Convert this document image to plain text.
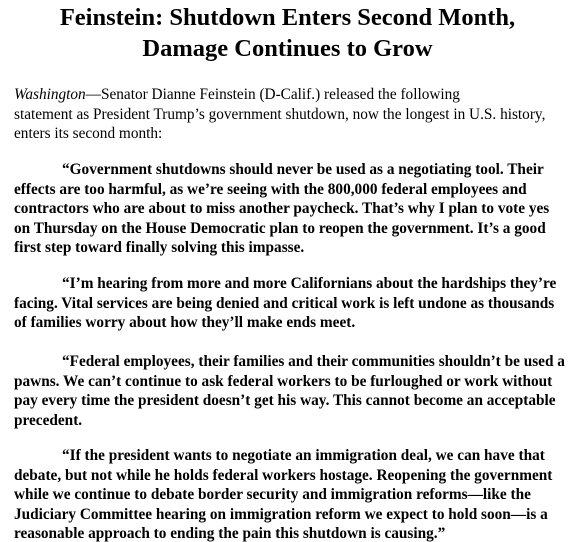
Feinstein: Shutdown Enters Second Month,
Damage Continues to Grow

Washington—Senator Dianne Feinstein (D-Calif.) released the following
statement as President Trump’s government shutdown, now the longest in U.S. history,
enters its second month:

“Government shutdowns should never be used as a negotiating tool. Their
effects are too harmful, as we’re seeing with the 800,000 federal employees and
contractors who are about to miss another paycheck. That’s why I plan to vote yes
on Thursday on the House Democratic plan to reopen the government. It’s a good
first step toward finally solving this impasse.

“I’m hearing from more and more Californians about the hardships they’re
facing. Vital services are being denied and critical work is left undone as thousands
of families worry about how they’ll make ends meet.

“Federal employees, their families and their communities shouldn’t be used a
pawns. We can’t continue to ask federal workers to be furloughed or work without
pay every time the president doesn’t get his way. This cannot become an acceptable
precedent.

“If the president wants to negotiate an immigration deal, we can have that
debate, but not while he holds federal workers hostage. Reopening the government
while we continue to debate border security and immigration reforms—like the
Judiciary Committee hearing on immigration reform we expect to hold soon—is a
reasonable approach to ending the pain this shutdown is causing.”
